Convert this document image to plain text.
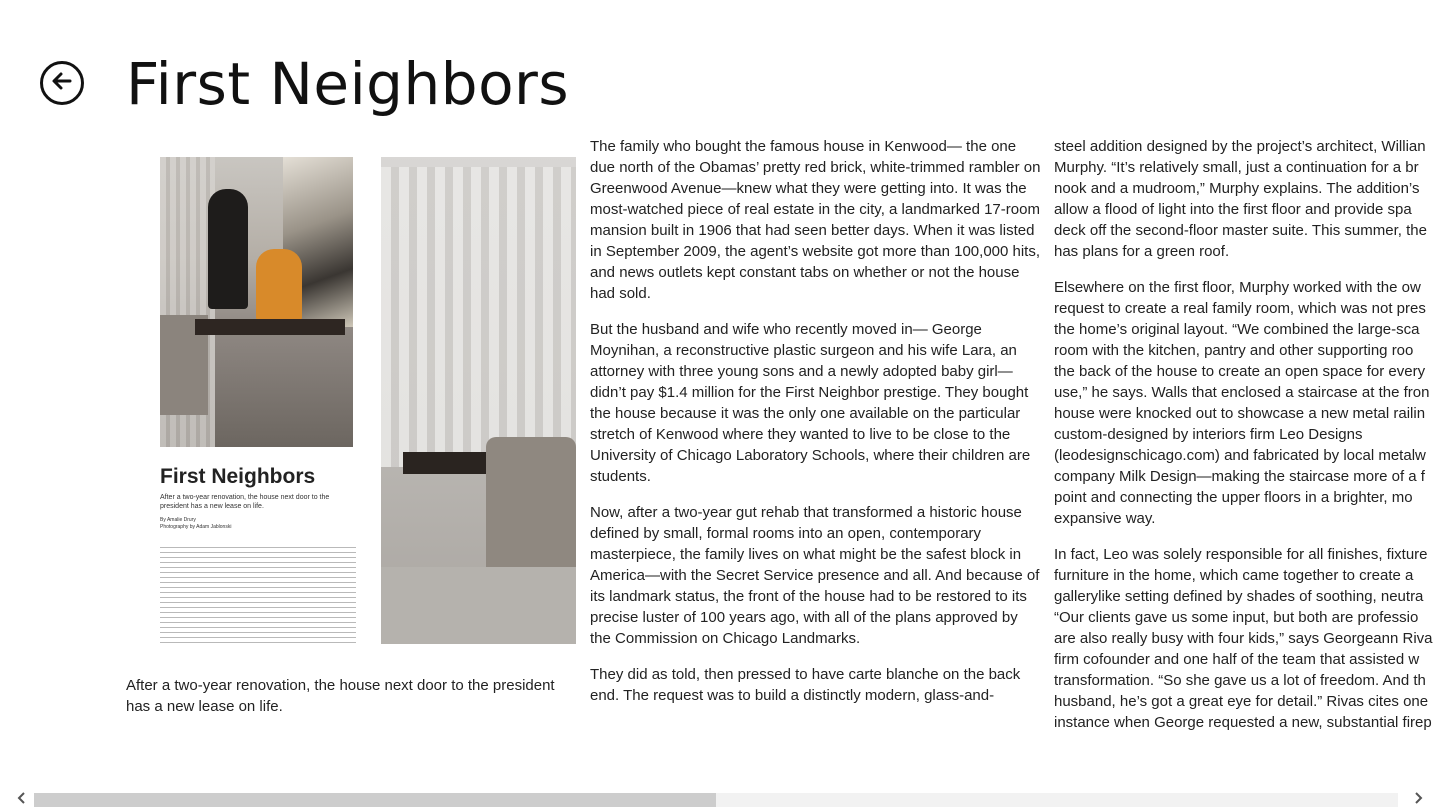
First Neighbors
First Neighbors
After a two-year renovation, the house next door to the president has a new lease on life.
By Amalie Drury
Photography by Adam Jablonski

After a two-year renovation, the house next door to the president has a new lease on life.

The family who bought the famous house in Kenwood— the one due north of the Obamas’ pretty red brick, white-trimmed rambler on Greenwood Avenue—knew what they were getting into. It was the most-watched piece of real estate in the city, a landmarked 17-room mansion built in 1906 that had seen better days. When it was listed in September 2009, the agent’s website got more than 100,000 hits, and news outlets kept constant tabs on whether or not the house had sold.

But the husband and wife who recently moved in— George Moynihan, a reconstructive plastic surgeon and his wife Lara, an attorney with three young sons and a newly adopted baby girl—didn’t pay $1.4 million for the First Neighbor prestige. They bought the house because it was the only one available on the particular stretch of Kenwood where they wanted to live to be close to the University of Chicago Laboratory Schools, where their children are students.

Now, after a two-year gut rehab that transformed a historic house defined by small, formal rooms into an open, contemporary masterpiece, the family lives on what might be the safest block in America—with the Secret Service presence and all. And because of its landmark status, the front of the house had to be restored to its precise luster of 100 years ago, with all of the plans approved by the Commission on Chicago Landmarks.

They did as told, then pressed to have carte blanche on the back end. The request was to build a distinctly modern, glass-and-

steel addition designed by the project’s architect, Willian
Murphy. “It’s relatively small, just a continuation for a br
nook and a mudroom,” Murphy explains. The addition’s
allow a flood of light into the first floor and provide spa
deck off the second-floor master suite. This summer, the
has plans for a green roof.

Elsewhere on the first floor, Murphy worked with the ow
request to create a real family room, which was not pres
the home’s original layout. “We combined the large-sca
room with the kitchen, pantry and other supporting roo
the back of the house to create an open space for every
use,” he says. Walls that enclosed a staircase at the fron
house were knocked out to showcase a new metal railin
custom-designed by interiors firm Leo Designs
(leodesignschicago.com) and fabricated by local metalw
company Milk Design—making the staircase more of a f
point and connecting the upper floors in a brighter, mo
expansive way.

In fact, Leo was solely responsible for all finishes, fixture
furniture in the home, which came together to create a
gallerylike setting defined by shades of soothing, neutra
“Our clients gave us some input, but both are professio
are also really busy with four kids,” says Georgeann Riva
firm cofounder and one half of the team that assisted w
transformation. “So she gave us a lot of freedom. And th
husband, he’s got a great eye for detail.” Rivas cites one
instance when George requested a new, substantial firep
